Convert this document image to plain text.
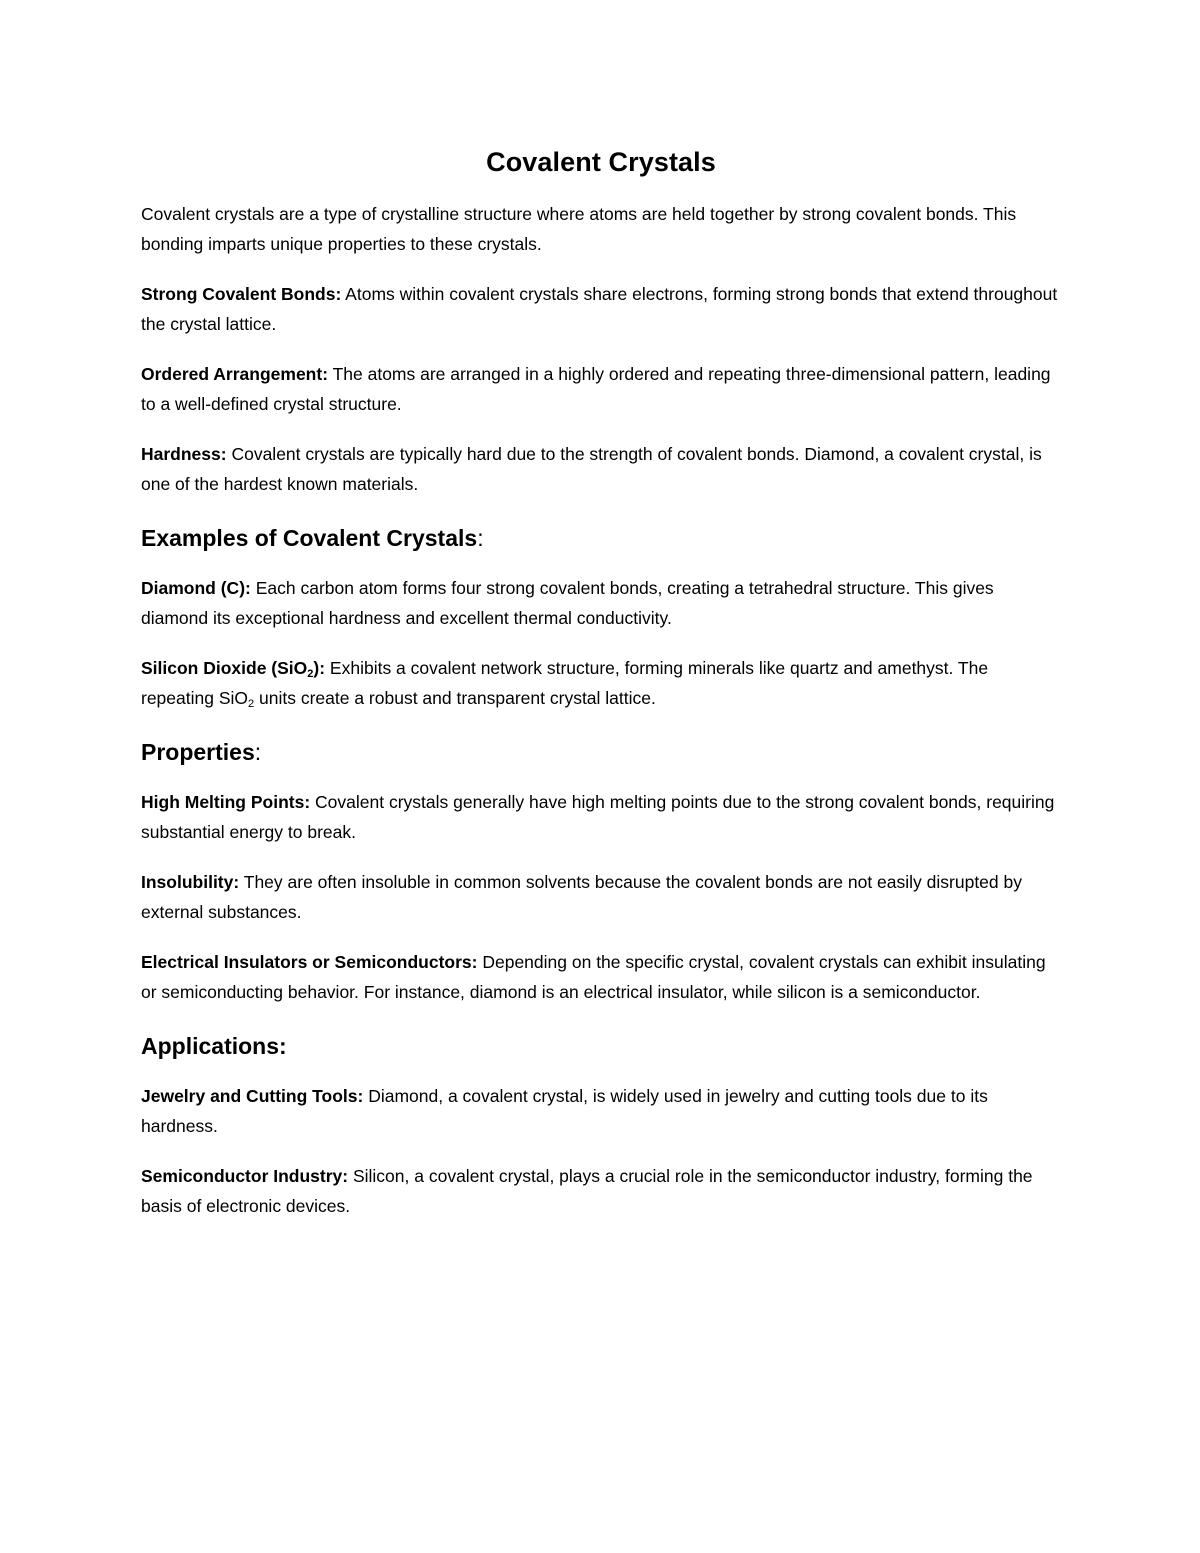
Covalent Crystals

Covalent crystals are a type of crystalline structure where atoms are held together by strong covalent bonds. This bonding imparts unique properties to these crystals.

Strong Covalent Bonds: Atoms within covalent crystals share electrons, forming strong bonds that extend throughout the crystal lattice.

Ordered Arrangement: The atoms are arranged in a highly ordered and repeating three-dimensional pattern, leading to a well-defined crystal structure.

Hardness: Covalent crystals are typically hard due to the strength of covalent bonds. Diamond, a covalent crystal, is one of the hardest known materials.

Examples of Covalent Crystals:

Diamond (C): Each carbon atom forms four strong covalent bonds, creating a tetrahedral structure. This gives diamond its exceptional hardness and excellent thermal conductivity.

Silicon Dioxide (SiO$_2$): Exhibits a covalent network structure, forming minerals like quartz and amethyst. The repeating SiO$_2$ units create a robust and transparent crystal lattice.

Properties:

High Melting Points: Covalent crystals generally have high melting points due to the strong covalent bonds, requiring substantial energy to break.

Insolubility: They are often insoluble in common solvents because the covalent bonds are not easily disrupted by external substances.

Electrical Insulators or Semiconductors: Depending on the specific crystal, covalent crystals can exhibit insulating or semiconducting behavior. For instance, diamond is an electrical insulator, while silicon is a semiconductor.

Applications:

Jewelry and Cutting Tools: Diamond, a covalent crystal, is widely used in jewelry and cutting tools due to its hardness.

Semiconductor Industry: Silicon, a covalent crystal, plays a crucial role in the semiconductor industry, forming the basis of electronic devices.
